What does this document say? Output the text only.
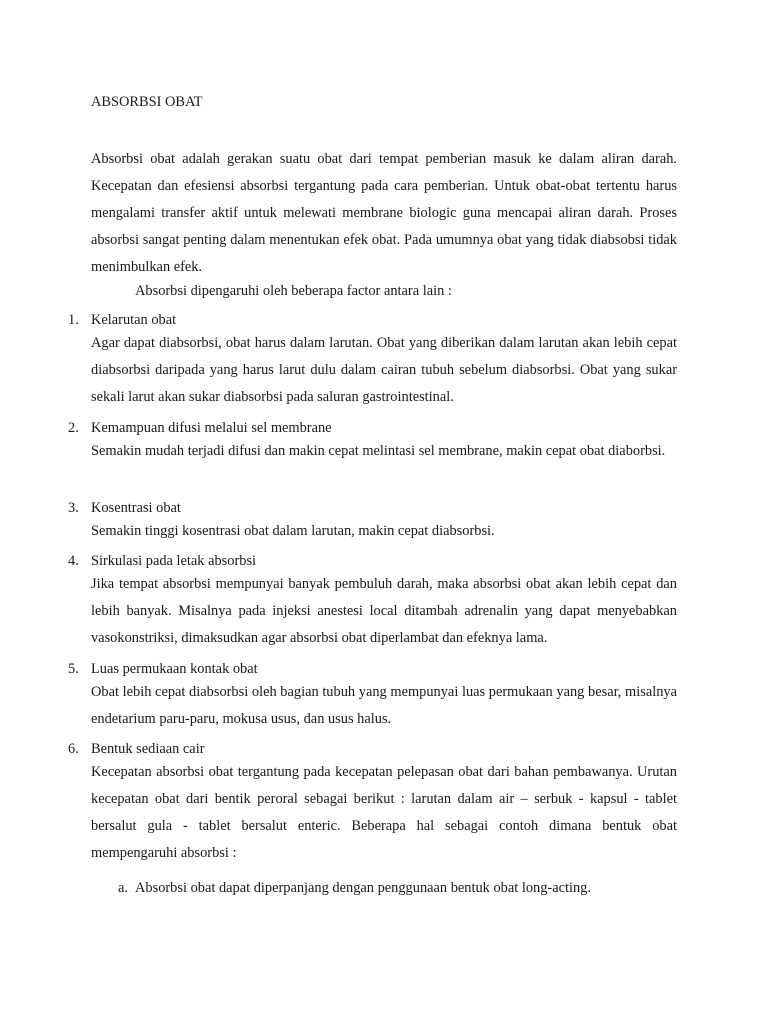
ABSORBSI OBAT
Absorbsi obat adalah gerakan suatu obat dari tempat pemberian masuk ke dalam aliran darah. Kecepatan dan efesiensi absorbsi tergantung pada cara pemberian. Untuk obat-obat tertentu harus mengalami transfer aktif untuk melewati membrane biologic guna mencapai aliran darah. Proses absorbsi sangat penting dalam menentukan efek obat. Pada umumnya obat yang tidak diabsobsi tidak menimbulkan efek.
Absorbsi dipengaruhi oleh beberapa factor antara lain :
1. Kelarutan obat
Agar dapat diabsorbsi, obat harus dalam larutan. Obat yang diberikan dalam larutan akan lebih cepat diabsorbsi daripada yang harus larut dulu dalam cairan tubuh sebelum diabsorbsi. Obat yang sukar sekali larut akan sukar diabsorbsi pada saluran gastrointestinal.
2. Kemampuan difusi melalui sel membrane
Semakin mudah terjadi difusi dan makin cepat melintasi sel membrane, makin cepat obat diaborbsi.
3. Kosentrasi obat
Semakin tinggi kosentrasi obat dalam larutan, makin cepat diabsorbsi.
4. Sirkulasi pada letak absorbsi
Jika tempat absorbsi mempunyai banyak pembuluh darah, maka absorbsi obat akan lebih cepat dan lebih banyak. Misalnya pada injeksi anestesi local ditambah adrenalin yang dapat menyebabkan vasokonstriksi, dimaksudkan agar absorbsi obat diperlambat dan efeknya lama.
5. Luas permukaan kontak obat
Obat lebih cepat diabsorbsi oleh bagian tubuh yang mempunyai luas permukaan yang besar, misalnya endetarium paru-paru, mokusa usus, dan usus halus.
6. Bentuk sediaan cair
Kecepatan absorbsi obat tergantung pada kecepatan pelepasan obat dari bahan pembawanya. Urutan kecepatan obat dari bentik peroral sebagai berikut : larutan dalam air – serbuk - kapsul - tablet bersalut gula - tablet bersalut enteric. Beberapa hal sebagai contoh dimana bentuk obat mempengaruhi absorbsi :
a. Absorbsi obat dapat diperpanjang dengan penggunaan bentuk obat long-acting.
